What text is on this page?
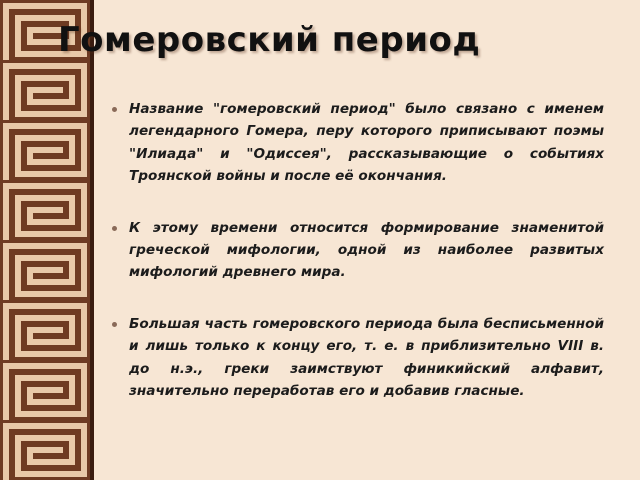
Гомеровский период
Название "гомеровский период" было связано с именем легендарного Гомера, перу которого приписывают поэмы "Илиада" и "Одиссея", рассказывающие о событиях Троянской войны и после её окончания.
К этому времени относится формирование знаменитой греческой мифологии, одной из наиболее развитых мифологий древнего мира.
Большая часть гомеровского периода была бесписьменной и лишь только к концу его, т. е. в приблизительно VIII в. до н.э., греки заимствуют финикийский алфавит, значительно переработав его и добавив гласные.
